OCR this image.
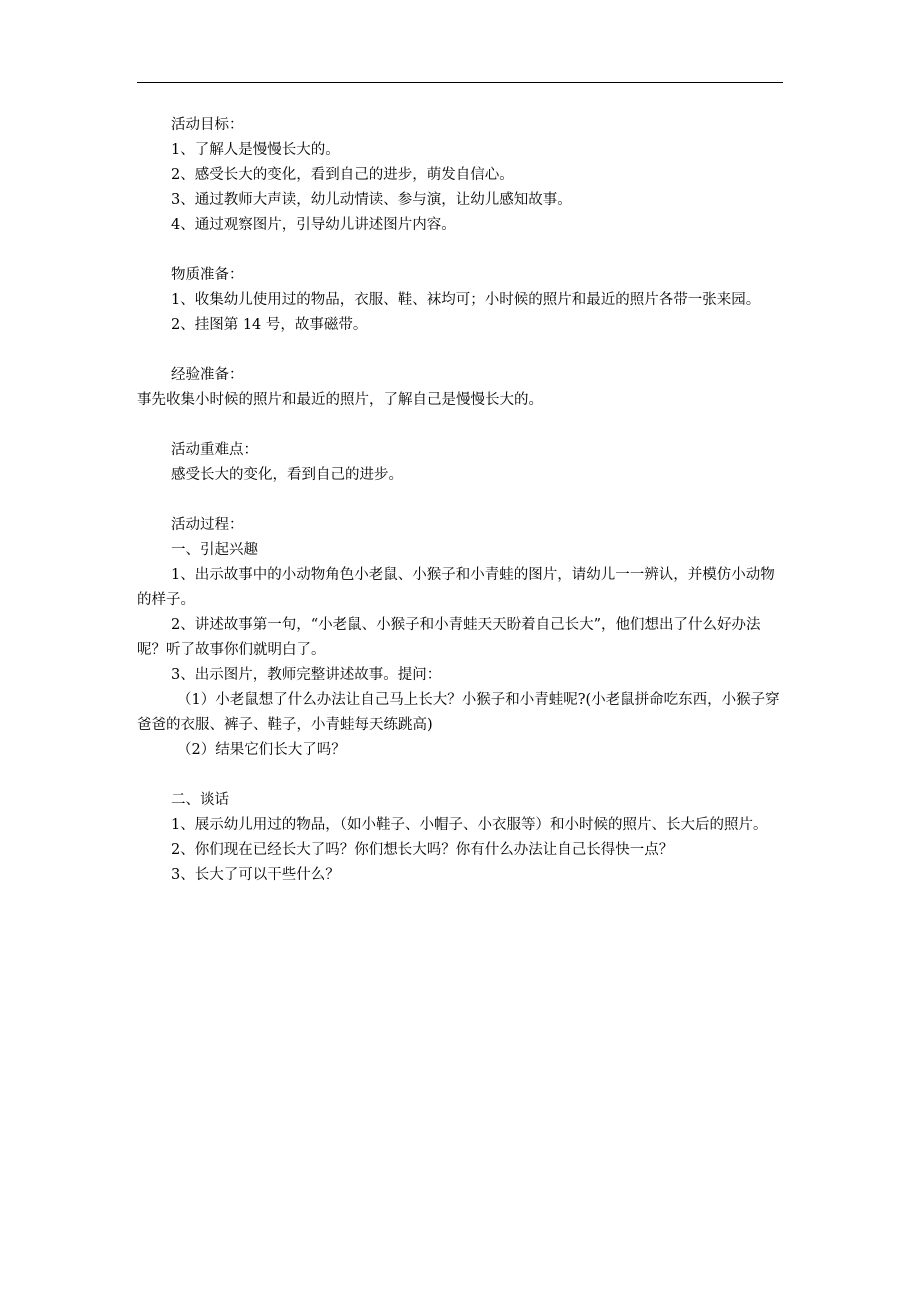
活动目标：

1、了解人是慢慢长大的。

2、感受长大的变化，看到自己的进步，萌发自信心。

3、通过教师大声读，幼儿动情读、参与演，让幼儿感知故事。

4、通过观察图片，引导幼儿讲述图片内容。

物质准备：

1、收集幼儿使用过的物品，衣服、鞋、袜均可；小时候的照片和最近的照片各带一张来园。

2、挂图第 14 号，故事磁带。

经验准备：

事先收集小时候的照片和最近的照片，了解自己是慢慢长大的。

活动重难点：

感受长大的变化，看到自己的进步。

活动过程：

一、引起兴趣

1、出示故事中的小动物角色小老鼠、小猴子和小青蛙的图片，请幼儿一一辨认，并模仿小动物的样子。

2、讲述故事第一句，“小老鼠、小猴子和小青蛙天天盼着自己长大”，他们想出了什么好办法呢？听了故事你们就明白了。

3、出示图片，教师完整讲述故事。提问：

（1）小老鼠想了什么办法让自己马上长大？小猴子和小青蛙呢?(小老鼠拼命吃东西，小猴子穿爸爸的衣服、裤子、鞋子，小青蛙每天练跳高)

（2）结果它们长大了吗？

二、谈话

1、展示幼儿用过的物品，（如小鞋子、小帽子、小衣服等）和小时候的照片、长大后的照片。

2、你们现在已经长大了吗？你们想长大吗？你有什么办法让自己长得快一点？

3、长大了可以干些什么？
